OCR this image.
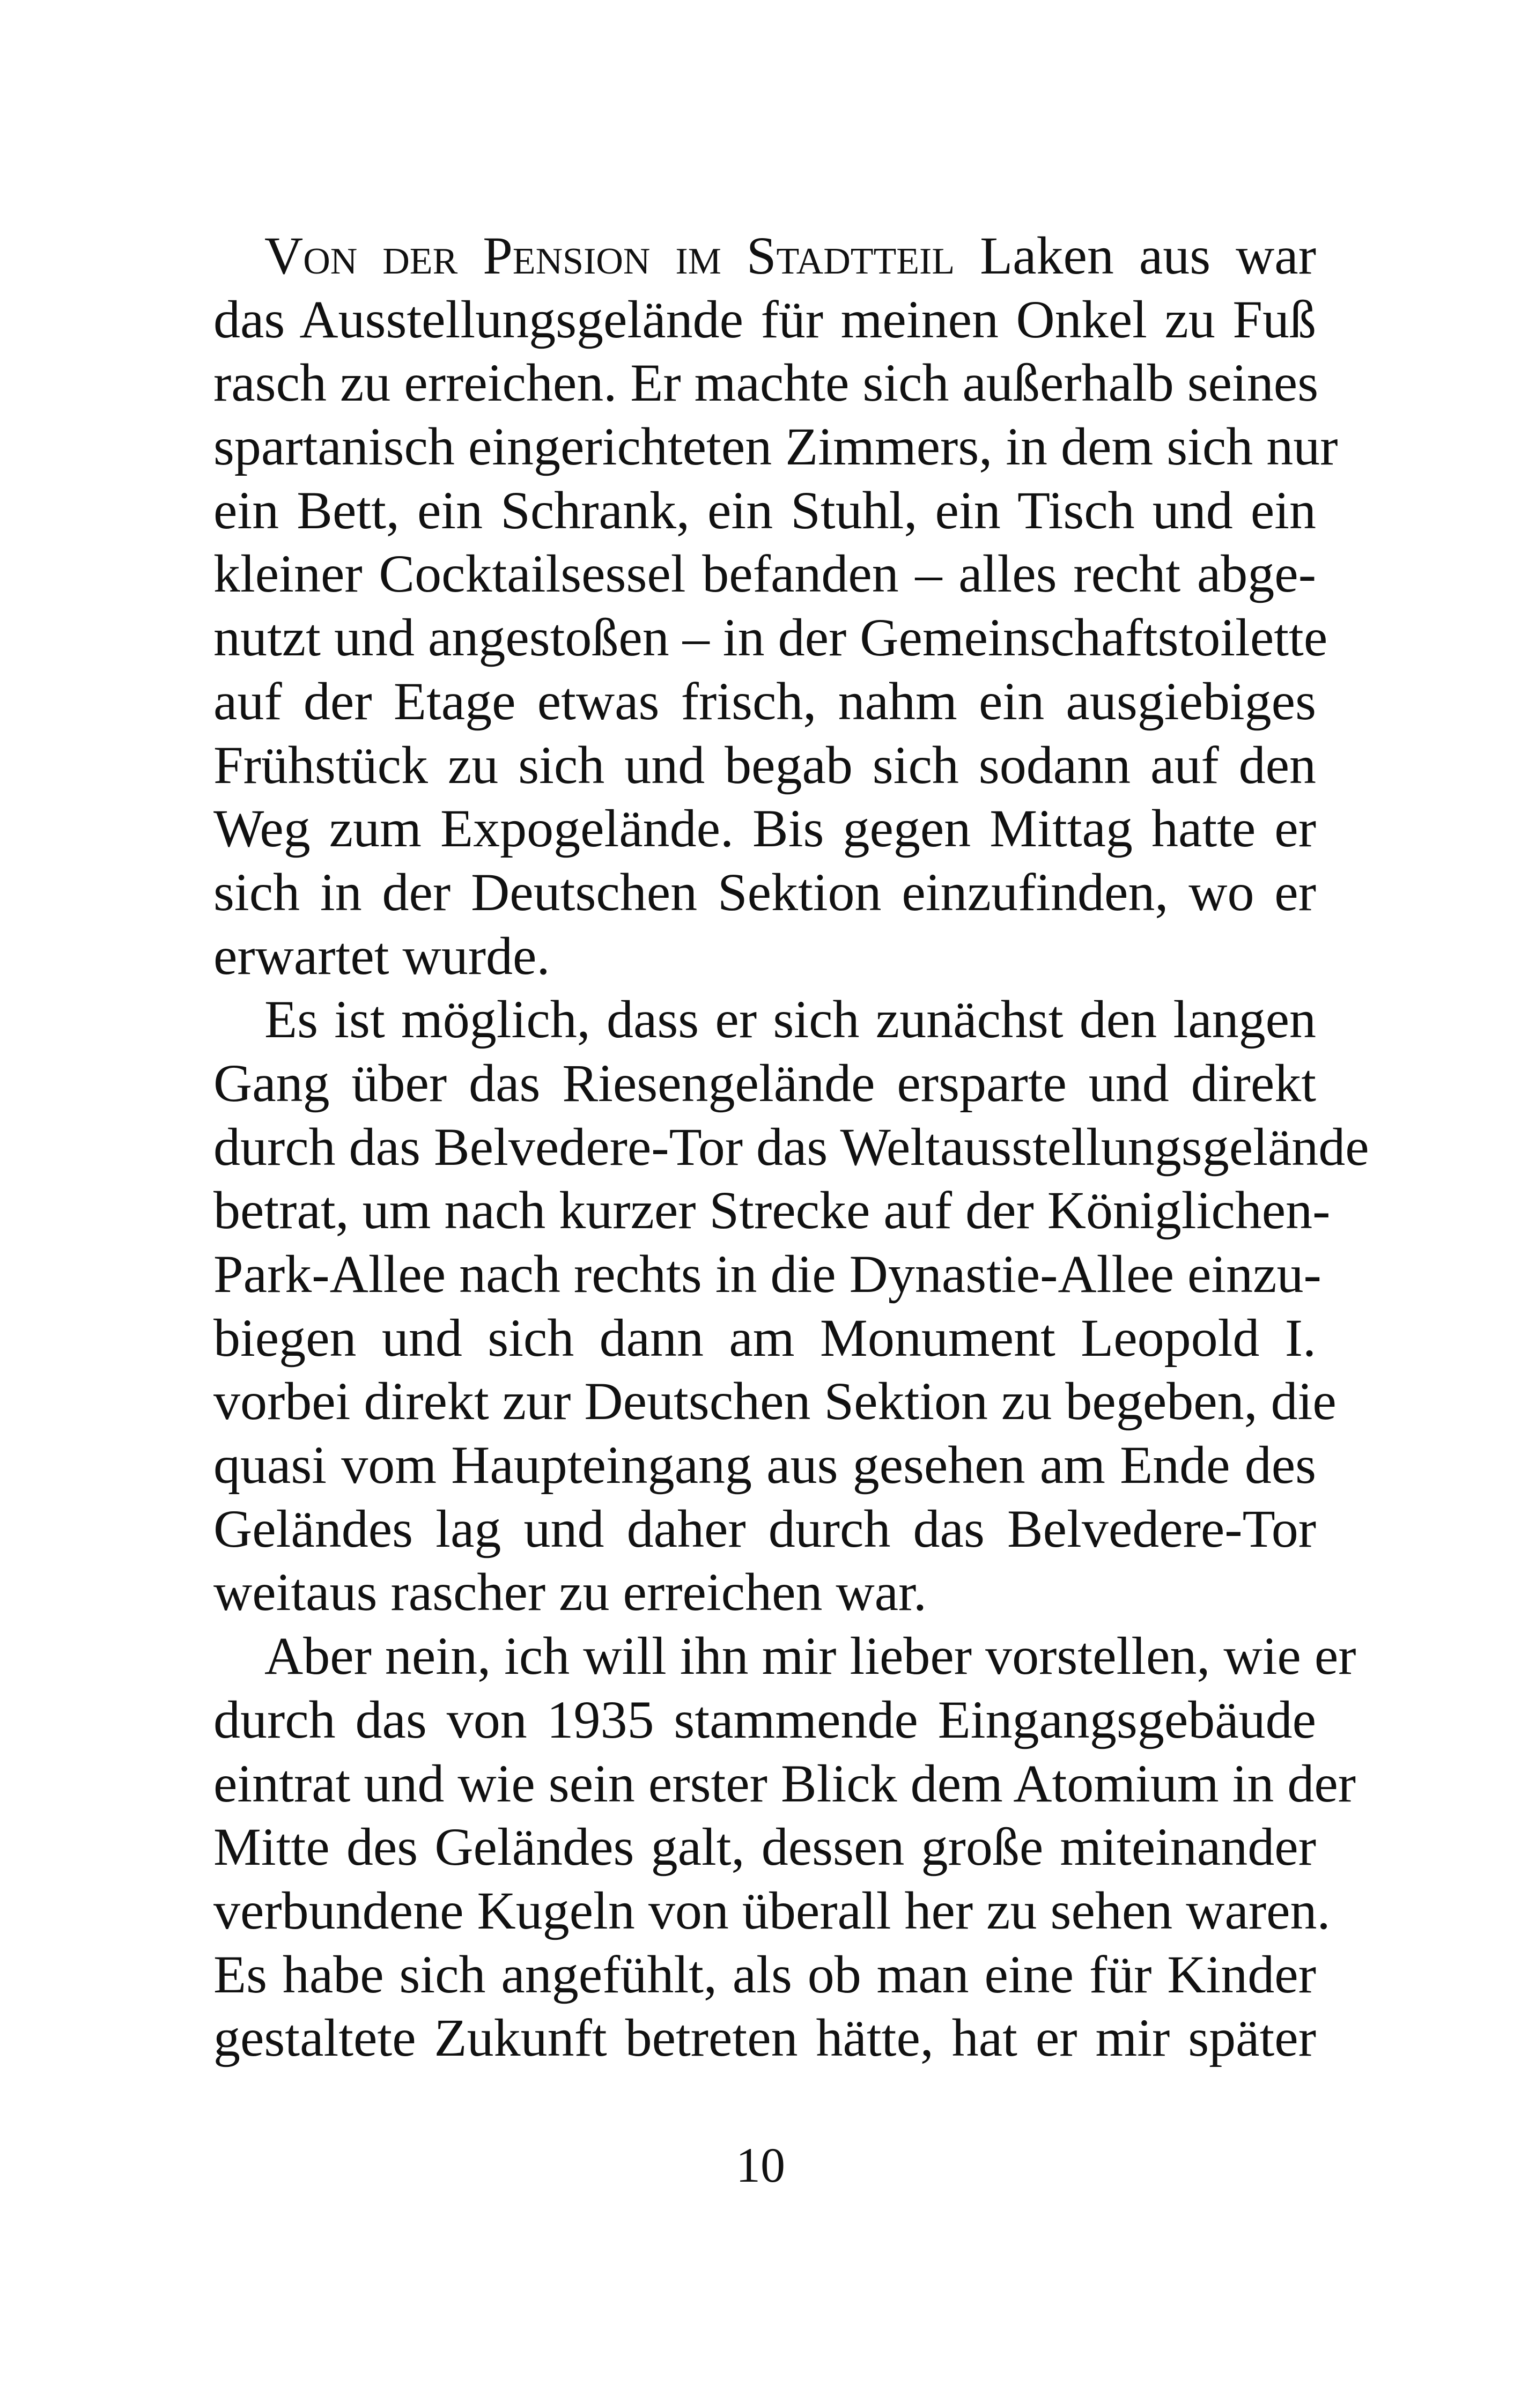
Von der Pension im Stadtteil Laken aus war
das Ausstellungsgelände für meinen Onkel zu Fuß
rasch zu erreichen. Er machte sich außerhalb seines
spartanisch eingerichteten Zimmers, in dem sich nur
ein Bett, ein Schrank, ein Stuhl, ein Tisch und ein
kleiner Cocktailsessel befanden – alles recht abge-
nutzt und angestoßen – in der Gemeinschaftstoilette
auf der Etage etwas frisch, nahm ein ausgiebiges
Frühstück zu sich und begab sich sodann auf den
Weg zum Expogelände. Bis gegen Mittag hatte er
sich in der Deutschen Sektion einzufinden, wo er
erwartet wurde.
Es ist möglich, dass er sich zunächst den langen
Gang über das Riesengelände ersparte und direkt
durch das Belvedere-Tor das Weltausstellungsgelände
betrat, um nach kurzer Strecke auf der Königlichen-
Park-Allee nach rechts in die Dynastie-Allee einzu-
biegen und sich dann am Monument Leopold I.
vorbei direkt zur Deutschen Sektion zu begeben, die
quasi vom Haupteingang aus gesehen am Ende des
Geländes lag und daher durch das Belvedere-Tor
weitaus rascher zu erreichen war.
Aber nein, ich will ihn mir lieber vorstellen, wie er
durch das von 1935 stammende Eingangsgebäude
eintrat und wie sein erster Blick dem Atomium in der
Mitte des Geländes galt, dessen große miteinander
verbundene Kugeln von überall her zu sehen waren.
Es habe sich angefühlt, als ob man eine für Kinder
gestaltete Zukunft betreten hätte, hat er mir später
10
